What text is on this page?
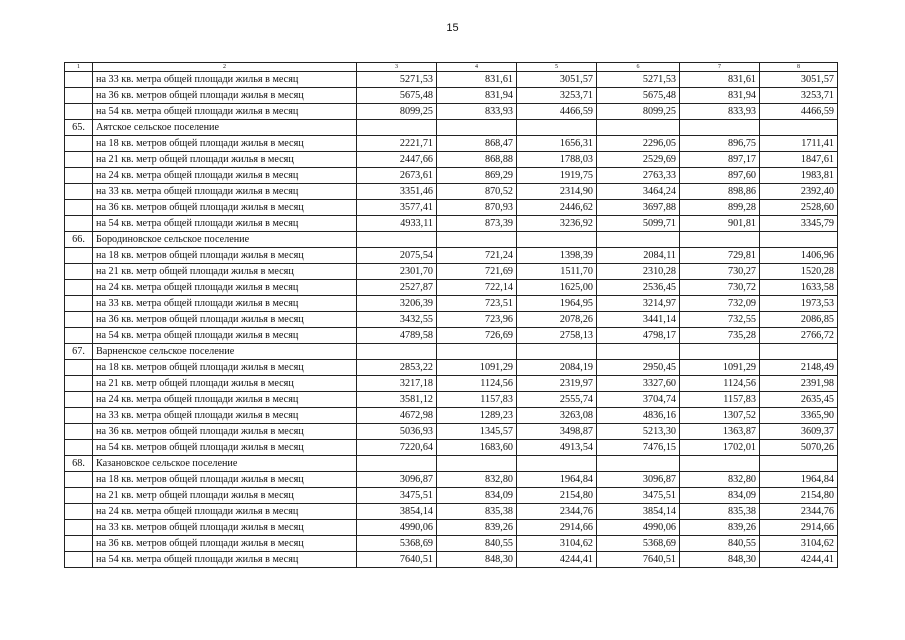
15
1	2	3	4	5	6	7	8
	на 33 кв. метра общей площади жилья в месяц	5271,53	831,61	3051,57	5271,53	831,61	3051,57
	на 36 кв. метров общей площади жилья в месяц	5675,48	831,94	3253,71	5675,48	831,94	3253,71
	на 54 кв. метра общей площади жилья в месяц	8099,25	833,93	4466,59	8099,25	833,93	4466,59
65.	Аятское сельское поселение						
	на 18 кв. метров общей площади жилья в месяц	2221,71	868,47	1656,31	2296,05	896,75	1711,41
	на 21 кв. метр общей площади жилья в месяц	2447,66	868,88	1788,03	2529,69	897,17	1847,61
	на 24 кв. метра общей площади жилья в месяц	2673,61	869,29	1919,75	2763,33	897,60	1983,81
	на 33 кв. метра общей площади жилья в месяц	3351,46	870,52	2314,90	3464,24	898,86	2392,40
	на 36 кв. метров общей площади жилья в месяц	3577,41	870,93	2446,62	3697,88	899,28	2528,60
	на 54 кв. метра общей площади жилья в месяц	4933,11	873,39	3236,92	5099,71	901,81	3345,79
66.	Бородиновское сельское поселение						
	на 18 кв. метров общей площади жилья в месяц	2075,54	721,24	1398,39	2084,11	729,81	1406,96
	на 21 кв. метр общей площади жилья в месяц	2301,70	721,69	1511,70	2310,28	730,27	1520,28
	на 24 кв. метра общей площади жилья в месяц	2527,87	722,14	1625,00	2536,45	730,72	1633,58
	на 33 кв. метра общей площади жилья в месяц	3206,39	723,51	1964,95	3214,97	732,09	1973,53
	на 36 кв. метров общей площади жилья в месяц	3432,55	723,96	2078,26	3441,14	732,55	2086,85
	на 54 кв. метра общей площади жилья в месяц	4789,58	726,69	2758,13	4798,17	735,28	2766,72
67.	Варненское сельское поселение						
	на 18 кв. метров общей площади жилья в месяц	2853,22	1091,29	2084,19	2950,45	1091,29	2148,49
	на 21 кв. метр общей площади жилья в месяц	3217,18	1124,56	2319,97	3327,60	1124,56	2391,98
	на 24 кв. метра общей площади жилья в месяц	3581,12	1157,83	2555,74	3704,74	1157,83	2635,45
	на 33 кв. метра общей площади жилья в месяц	4672,98	1289,23	3263,08	4836,16	1307,52	3365,90
	на 36 кв. метров общей площади жилья в месяц	5036,93	1345,57	3498,87	5213,30	1363,87	3609,37
	на 54 кв. метров общей площади жилья в месяц	7220,64	1683,60	4913,54	7476,15	1702,01	5070,26
68.	Казановское сельское поселение						
	на 18 кв. метров общей площади жилья в месяц	3096,87	832,80	1964,84	3096,87	832,80	1964,84
	на 21 кв. метр общей площади жилья в месяц	3475,51	834,09	2154,80	3475,51	834,09	2154,80
	на 24 кв. метра общей площади жилья в месяц	3854,14	835,38	2344,76	3854,14	835,38	2344,76
	на 33 кв. метров общей площади жилья в месяц	4990,06	839,26	2914,66	4990,06	839,26	2914,66
	на 36 кв. метров общей площади жилья в месяц	5368,69	840,55	3104,62	5368,69	840,55	3104,62
	на 54 кв. метра общей площади жилья в месяц	7640,51	848,30	4244,41	7640,51	848,30	4244,41
